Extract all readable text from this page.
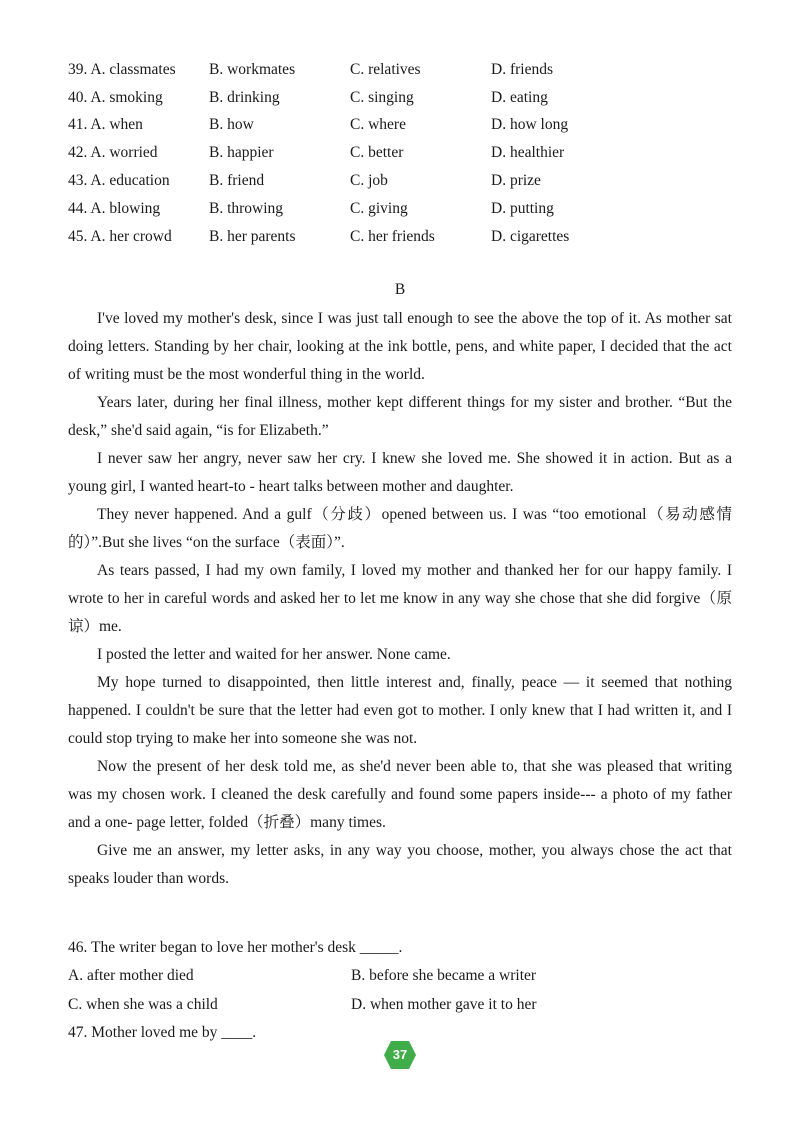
39. A. classmates	B. workmates	C. relatives	D. friends
40. A. smoking	B. drinking	C. singing	D. eating
41. A. when	B. how	C. where	D. how long
42. A. worried	B. happier	C. better	D. healthier
43. A. education	B. friend	C. job	D. prize
44. A. blowing	B. throwing	C. giving	D. putting
45. A. her crowd	B. her parents	C. her friends	D. cigarettes
B

I've loved my mother's desk, since I was just tall enough to see the above the top of it. As mother sat doing letters. Standing by her chair, looking at the ink bottle, pens, and white paper, I decided that the act of writing must be the most wonderful thing in the world.

Years later, during her final illness, mother kept different things for my sister and brother. “But the desk,” she'd said again, “is for Elizabeth.”

I never saw her angry, never saw her cry. I knew she loved me. She showed it in action. But as a young girl, I wanted heart-to - heart talks between mother and daughter.

They never happened. And a gulf（分歧）opened between us. I was “too emotional（易动感情的）”.But she lives “on the surface（表面）”.

As tears passed, I had my own family, I loved my mother and thanked her for our happy family. I wrote to her in careful words and asked her to let me know in any way she chose that she did forgive（原谅）me.

I posted the letter and waited for her answer. None came.

My hope turned to disappointed, then little interest and, finally, peace — it seemed that nothing happened. I couldn't be sure that the letter had even got to mother. I only knew that I had written it, and I could stop trying to make her into someone she was not.

Now the present of her desk told me, as she'd never been able to, that she was pleased that writing was my chosen work. I cleaned the desk carefully and found some papers inside--- a photo of my father and a one- page letter, folded（折叠）many times.

Give me an answer, my letter asks, in any way you choose, mother, you always chose the act that speaks louder than words.

46. The writer began to love her mother's desk _____.
A. after mother died	B. before she became a writer
C. when she was a child	D. when mother gave it to her
47. Mother loved me by ____.
37
